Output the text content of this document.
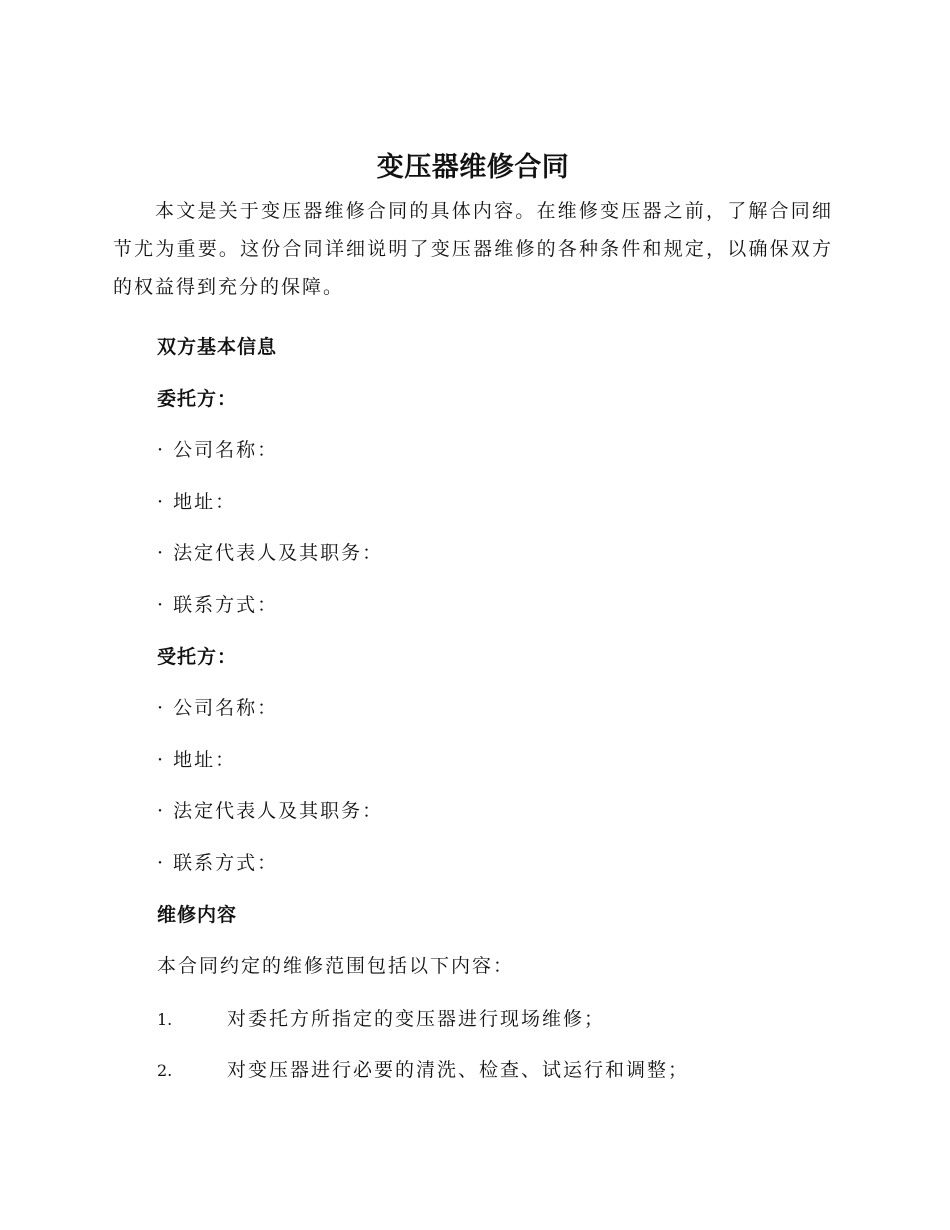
变压器维修合同

本文是关于变压器维修合同的具体内容。在维修变压器之前，了解合同细节尤为重要。这份合同详细说明了变压器维修的各种条件和规定，以确保双方的权益得到充分的保障。

双方基本信息

委托方：

· 公司名称：

· 地址：

· 法定代表人及其职务：

· 联系方式：

受托方：

· 公司名称：

· 地址：

· 法定代表人及其职务：

· 联系方式：

维修内容

本合同约定的维修范围包括以下内容：

1.	对委托方所指定的变压器进行现场维修；

2.	对变压器进行必要的清洗、检查、试运行和调整；
